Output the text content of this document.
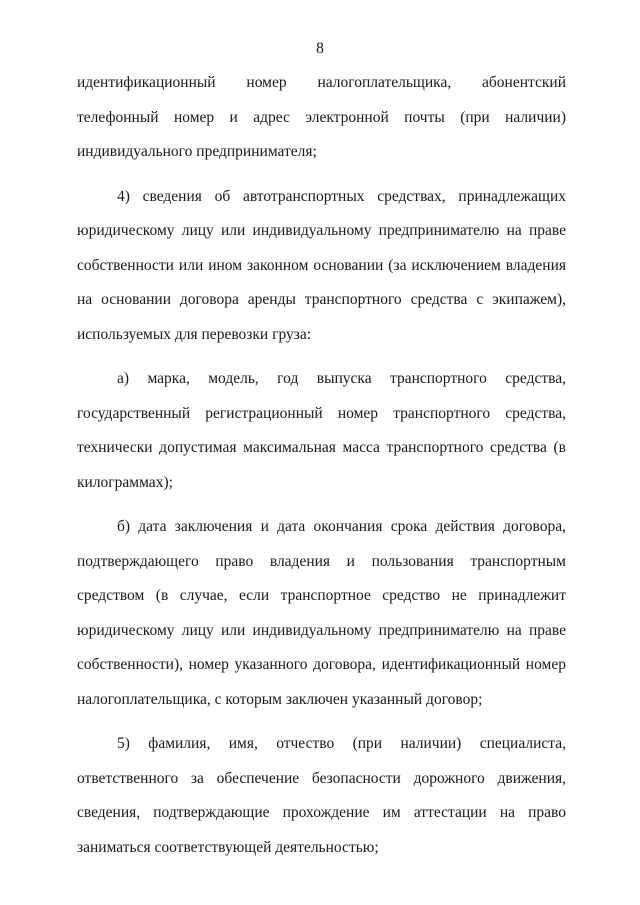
8

идентификационный номер налогоплательщика, абонентский телефонный номер и адрес электронной почты (при наличии) индивидуального предпринимателя;

4) сведения об автотранспортных средствах, принадлежащих юридическому лицу или индивидуальному предпринимателю на праве собственности или ином законном основании (за исключением владения на основании договора аренды транспортного средства с экипажем), используемых для перевозки груза:

а) марка, модель, год выпуска транспортного средства, государственный регистрационный номер транспортного средства, технически допустимая максимальная масса транспортного средства (в килограммах);

б) дата заключения и дата окончания срока действия договора, подтверждающего право владения и пользования транспортным средством (в случае, если транспортное средство не принадлежит юридическому лицу или индивидуальному предпринимателю на праве собственности), номер указанного договора, идентификационный номер налогоплательщика, с которым заключен указанный договор;

5) фамилия, имя, отчество (при наличии) специалиста, ответственного за обеспечение безопасности дорожного движения, сведения, подтверждающие прохождение им аттестации на право заниматься соответствующей деятельностью;
